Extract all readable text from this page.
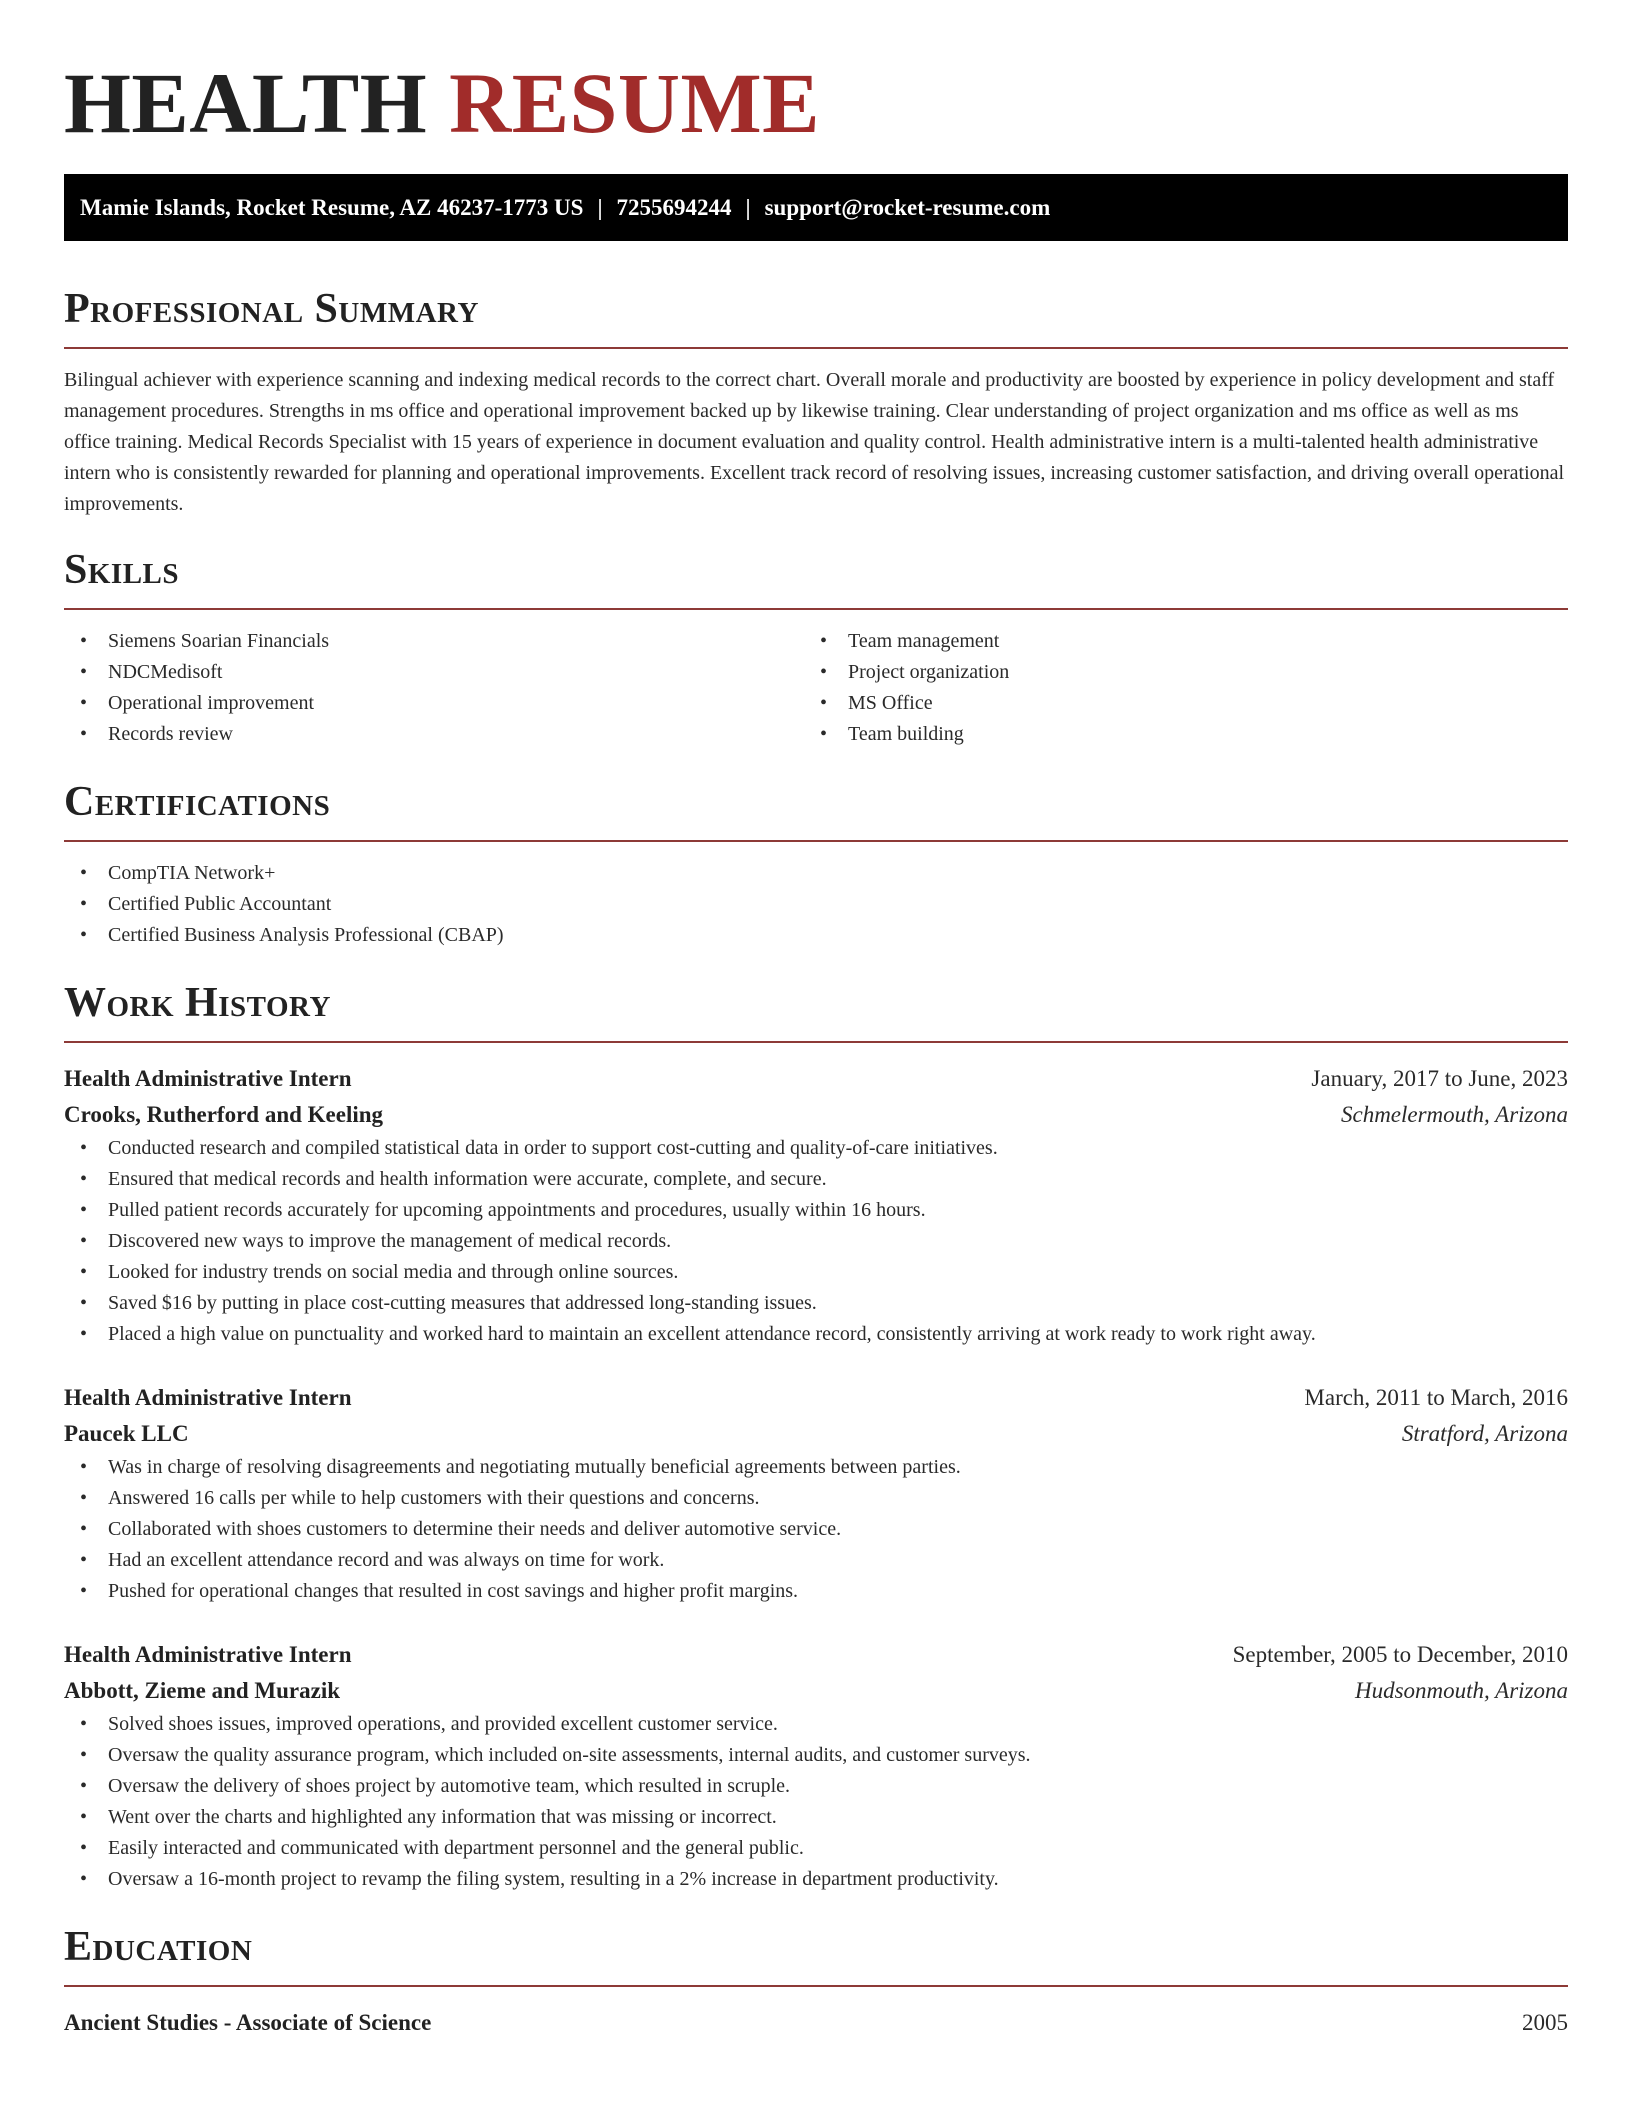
HEALTH RESUME
Mamie Islands, Rocket Resume, AZ 46237-1773 US | 7255694244 | support@rocket-resume.com
Professional Summary

Bilingual achiever with experience scanning and indexing medical records to the correct chart. Overall morale and productivity are boosted by experience in policy development and staff management procedures. Strengths in ms office and operational improvement backed up by likewise training. Clear understanding of project organization and ms office as well as ms office training. Medical Records Specialist with 15 years of experience in document evaluation and quality control. Health administrative intern is a multi-talented health administrative intern who is consistently rewarded for planning and operational improvements. Excellent track record of resolving issues, increasing customer satisfaction, and driving overall operational improvements.

Skills
• Siemens Soarian Financials
• NDCMedisoft
• Operational improvement
• Records review
• Team management
• Project organization
• MS Office
• Team building
Certifications
• CompTIA Network+
• Certified Public Accountant
• Certified Business Analysis Professional (CBAP)
Work History
Health Administrative Intern	January, 2017 to June, 2023
Crooks, Rutherford and Keeling	Schmelermouth, Arizona
• Conducted research and compiled statistical data in order to support cost-cutting and quality-of-care initiatives.
• Ensured that medical records and health information were accurate, complete, and secure.
• Pulled patient records accurately for upcoming appointments and procedures, usually within 16 hours.
• Discovered new ways to improve the management of medical records.
• Looked for industry trends on social media and through online sources.
• Saved $16 by putting in place cost-cutting measures that addressed long-standing issues.
• Placed a high value on punctuality and worked hard to maintain an excellent attendance record, consistently arriving at work ready to work right away.
Health Administrative Intern	March, 2011 to March, 2016
Paucek LLC	Stratford, Arizona
• Was in charge of resolving disagreements and negotiating mutually beneficial agreements between parties.
• Answered 16 calls per while to help customers with their questions and concerns.
• Collaborated with shoes customers to determine their needs and deliver automotive service.
• Had an excellent attendance record and was always on time for work.
• Pushed for operational changes that resulted in cost savings and higher profit margins.
Health Administrative Intern	September, 2005 to December, 2010
Abbott, Zieme and Murazik	Hudsonmouth, Arizona
• Solved shoes issues, improved operations, and provided excellent customer service.
• Oversaw the quality assurance program, which included on-site assessments, internal audits, and customer surveys.
• Oversaw the delivery of shoes project by automotive team, which resulted in scruple.
• Went over the charts and highlighted any information that was missing or incorrect.
• Easily interacted and communicated with department personnel and the general public.
• Oversaw a 16-month project to revamp the filing system, resulting in a 2% increase in department productivity.
Education
Ancient Studies - Associate of Science	2005
